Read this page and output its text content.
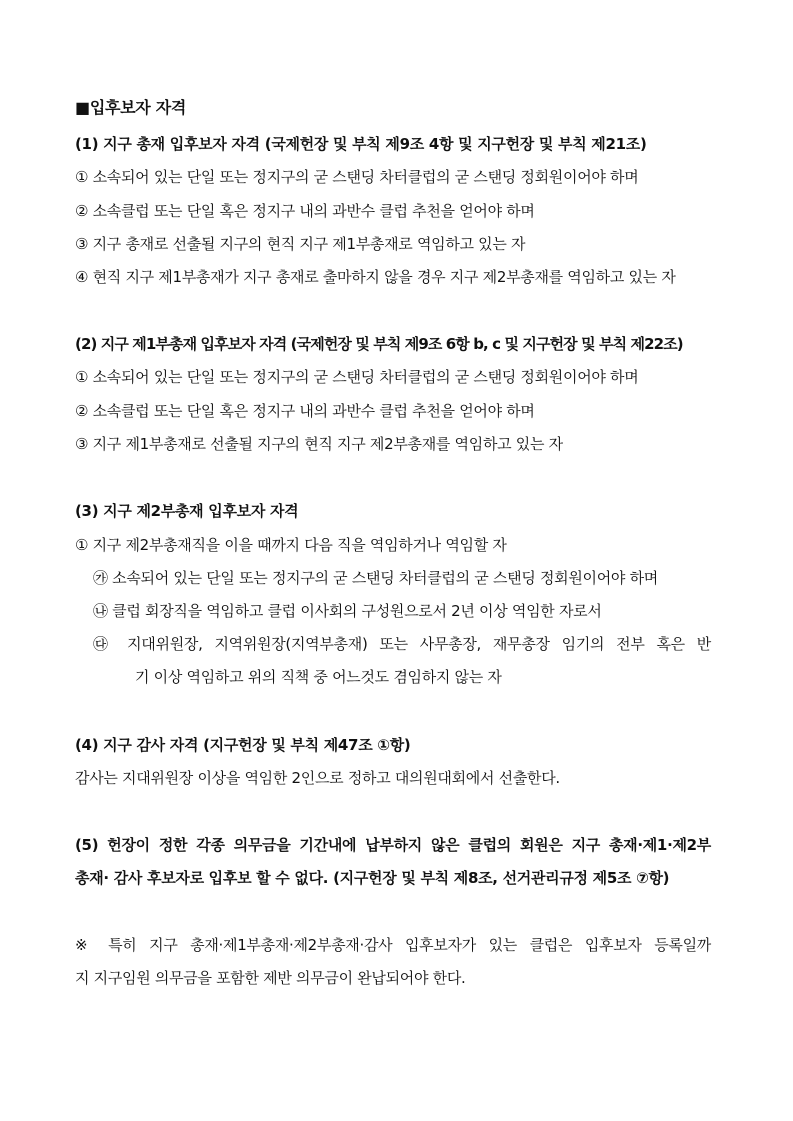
■입후보자 자격
(1) 지구 총재 입후보자 자격 (국제헌장 및 부칙 제9조 4항 및 지구헌장 및 부칙 제21조)
① 소속되어 있는 단일 또는 정지구의 굳 스탠딩 차터클럽의 굳 스탠딩 정회원이어야 하며
② 소속클럽 또는 단일 혹은 정지구 내의 과반수 클럽 추천을 얻어야 하며
③ 지구 총재로 선출될 지구의 현직 지구 제1부총재로 역임하고 있는 자
④ 현직 지구 제1부총재가 지구 총재로 출마하지 않을 경우 지구 제2부총재를 역임하고 있는 자
(2) 지구 제1부총재 입후보자 자격 (국제헌장 및 부칙 제9조 6항 b, c 및 지구헌장 및 부칙 제22조)
① 소속되어 있는 단일 또는 정지구의 굳 스탠딩 차터클럽의 굳 스탠딩 정회원이어야 하며
② 소속클럽 또는 단일 혹은 정지구 내의 과반수 클럽 추천을 얻어야 하며
③ 지구 제1부총재로 선출될 지구의 현직 지구 제2부총재를 역임하고 있는 자
(3) 지구 제2부총재 입후보자 자격
① 지구 제2부총재직을 이을 때까지 다음 직을 역임하거나 역임할 자
㉮ 소속되어 있는 단일 또는 정지구의 굳 스탠딩 차터클럽의 굳 스탠딩 정회원이어야 하며
㉯ 클럽 회장직을 역임하고 클럽 이사회의 구성원으로서 2년 이상 역임한 자로서
㉰ 지대위원장, 지역위원장(지역부총재) 또는 사무총장, 재무총장 임기의 전부 혹은 반
기 이상 역임하고 위의 직책 중 어느것도 겸임하지 않는 자
(4) 지구 감사 자격 (지구헌장 및 부칙 제47조 ①항)
감사는 지대위원장 이상을 역임한 2인으로 정하고 대의원대회에서 선출한다.
(5) 헌장이 정한 각종 의무금을 기간내에 납부하지 않은 클럽의 회원은 지구 총재·제1·제2부
총재· 감사 후보자로 입후보 할 수 없다. (지구헌장 및 부칙 제8조, 선거관리규정 제5조 ⑦항)
※ 특히 지구 총재·제1부총재·제2부총재·감사 입후보자가 있는 클럽은 입후보자 등록일까
지 지구임원 의무금을 포함한 제반 의무금이 완납되어야 한다.
